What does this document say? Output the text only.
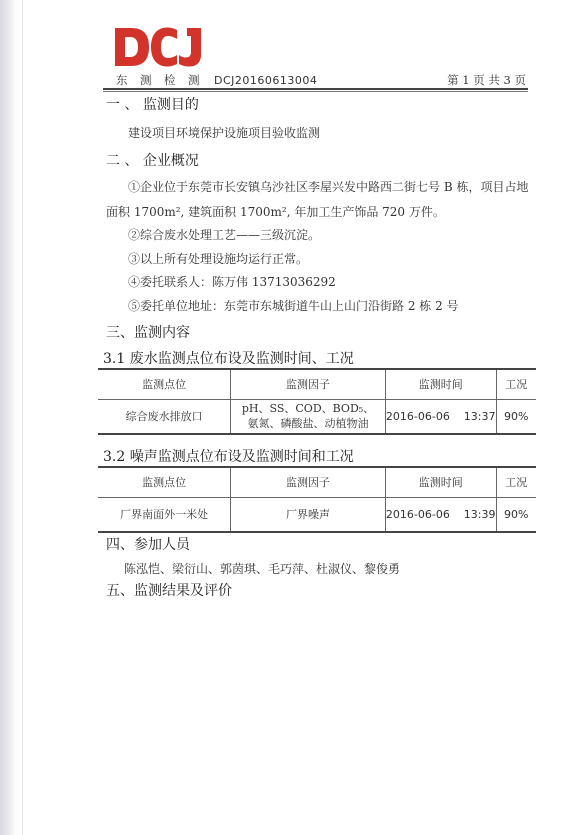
东 测 检 测 DCJ20160613004	第 1 页 共 3 页
一 、 监测目的
建设项目环境保护设施项目验收监测
二 、 企业概况
①企业位于东莞市长安镇乌沙社区李屋兴发中路西二街七号 B 栋，项目占地
面积 1700m², 建筑面积 1700m², 年加工生产饰品 720 万件。
②综合废水处理工艺——三级沉淀。
③以上所有处理设施均运行正常。
④委托联系人：陈万伟 13713036292
⑤委托单位地址：东莞市东城街道牛山上山门沿街路 2 栋 2 号
三、监测内容
3.1 废水监测点位布设及监测时间、工况
监测点位	监测因子	监测时间	工况
综合废水排放口	pH、SS、COD、BOD₅、
氨氮、磷酸盐、动植物油	2016-06-06    13:37	90%
3.2 噪声监测点位布设及监测时间和工况
监测点位	监测因子	监测时间	工况
厂界南面外一米处	厂界噪声	2016-06-06    13:39	90%
四、参加人员
陈泓恺、梁衍山、郭茵琪、毛巧萍、杜淑仪、黎俊勇
五、监测结果及评价
